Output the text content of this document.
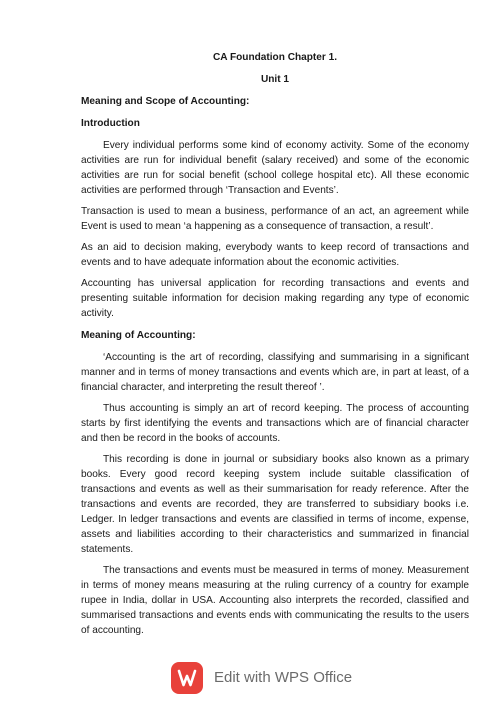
CA Foundation Chapter 1.
Unit 1
Meaning and Scope of Accounting:
Introduction
Every individual performs some kind of economy activity. Some of the economy activities are run for individual benefit (salary received) and some of the economic activities are run for social benefit (school college hospital etc). All these economic activities are performed through ‘Transaction and Events’.
Transaction is used to mean a business, performance of an act, an agreement while Event is used to mean ‘a happening as a consequence of transaction, a result’.
As an aid to decision making, everybody wants to keep record of transactions and events and to have adequate information about the economic activities.
Accounting has universal application for recording transactions and events and presenting suitable information for decision making regarding any type of economic activity.
Meaning of Accounting:
‘Accounting is the art of recording, classifying and summarising in a significant manner and in terms of money transactions and events which are, in part at least, of a financial character, and interpreting the result thereof ’.
Thus accounting is simply an art of record keeping. The process of accounting starts by first identifying the events and transactions which are of financial character and then be record in the books of accounts.
This recording is done in journal or subsidiary books also known as a primary books. Every good record keeping system include suitable classification of transactions and events as well as their summarisation for ready reference. After the transactions and events are recorded, they are transferred to subsidiary books i.e. Ledger. In ledger transactions and events are classified in terms of income, expense, assets and liabilities according to their characteristics and summarized in financial statements.
The transactions and events must be measured in terms of money. Measurement in terms of money means measuring at the ruling currency of a country for example rupee in India, dollar in USA. Accounting also interprets the recorded, classified and summarised transactions and events ends with communicating the results to the users of accounting.
Edit with WPS Office
